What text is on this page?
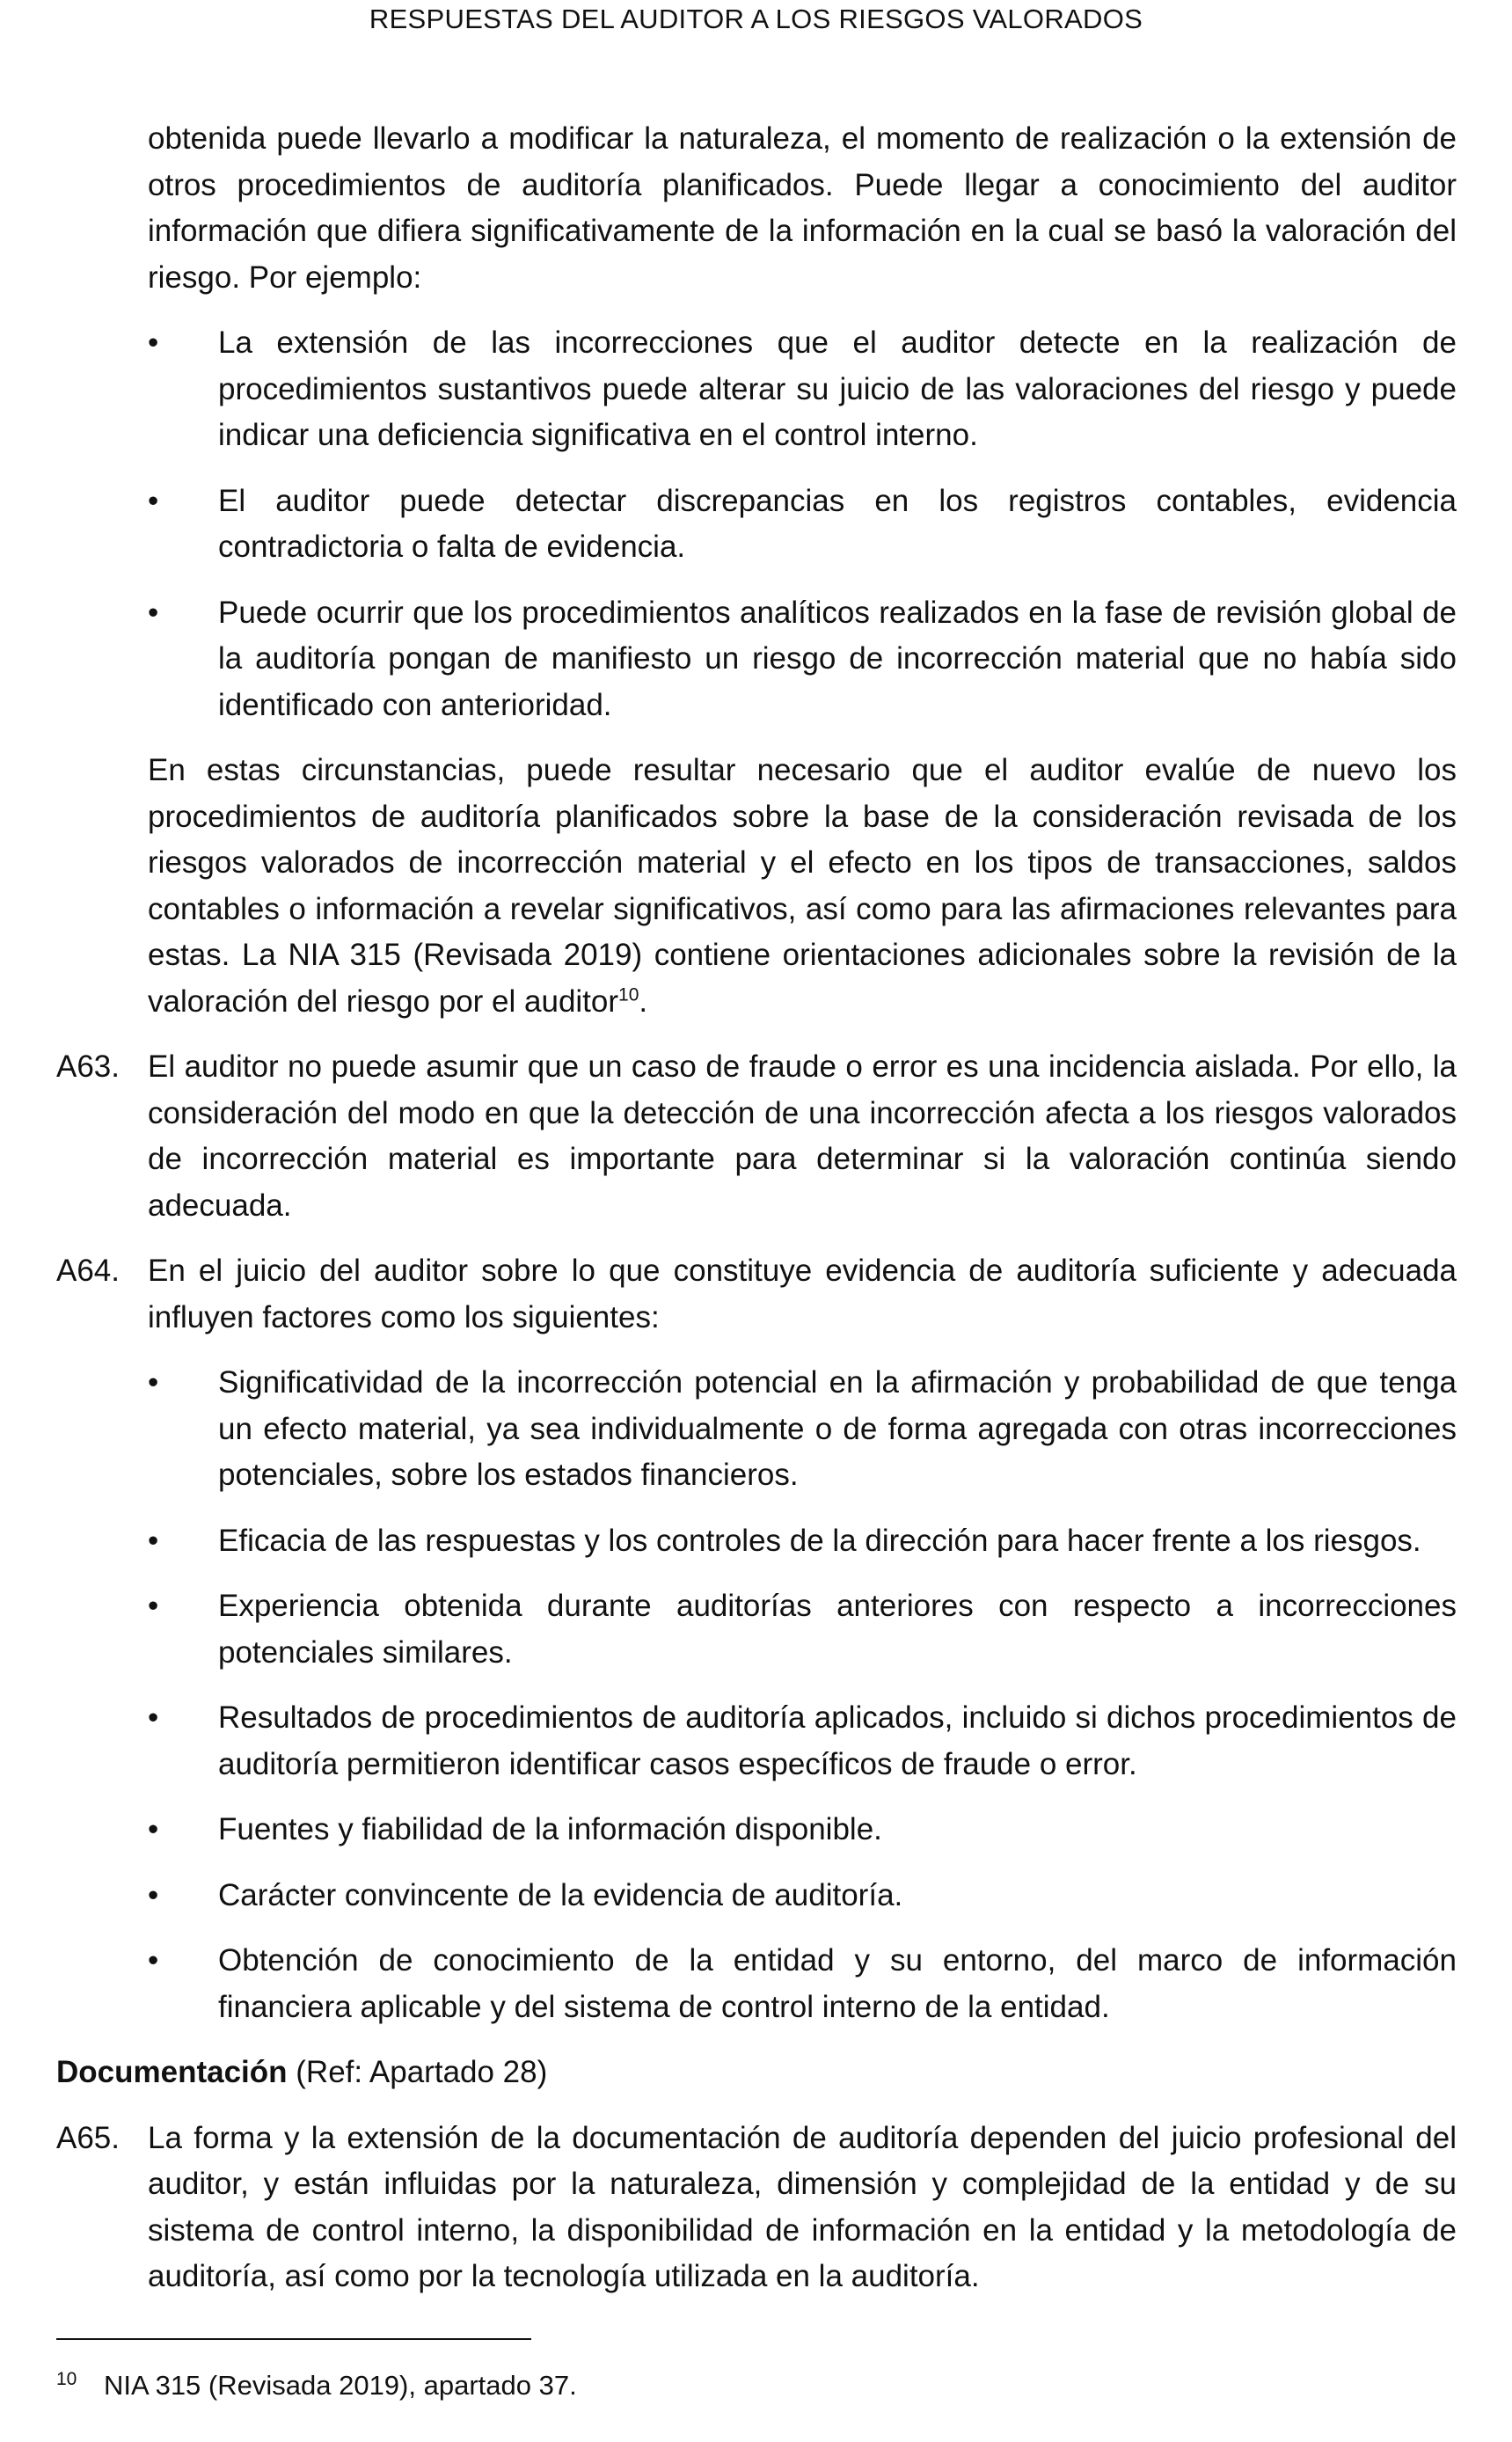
RESPUESTAS DEL AUDITOR A LOS RIESGOS VALORADOS
obtenida puede llevarlo a modificar la naturaleza, el momento de realización o la extensión de otros procedimientos de auditoría planificados. Puede llegar a conocimiento del auditor información que difiera significativamente de la información en la cual se basó la valoración del riesgo. Por ejemplo:
•	La extensión de las incorrecciones que el auditor detecte en la realización de procedimientos sustantivos puede alterar su juicio de las valoraciones del riesgo y puede indicar una deficiencia significativa en el control interno.
•	El auditor puede detectar discrepancias en los registros contables, evidencia contradictoria o falta de evidencia.
•	Puede ocurrir que los procedimientos analíticos realizados en la fase de revisión global de la auditoría pongan de manifiesto un riesgo de incorrección material que no había sido identificado con anterioridad.
En estas circunstancias, puede resultar necesario que el auditor evalúe de nuevo los procedimientos de auditoría planificados sobre la base de la consideración revisada de los riesgos valorados de incorrección material y el efecto en los tipos de transacciones, saldos contables o información a revelar significativos, así como para las afirmaciones relevantes para estas. La NIA 315 (Revisada 2019) contiene orientaciones adicionales sobre la revisión de la valoración del riesgo por el auditor$^{10}$.
A63. El auditor no puede asumir que un caso de fraude o error es una incidencia aislada. Por ello, la consideración del modo en que la detección de una incorrección afecta a los riesgos valorados de incorrección material es importante para determinar si la valoración continúa siendo adecuada.
A64. En el juicio del auditor sobre lo que constituye evidencia de auditoría suficiente y adecuada influyen factores como los siguientes:
•	Significatividad de la incorrección potencial en la afirmación y probabilidad de que tenga un efecto material, ya sea individualmente o de forma agregada con otras incorrecciones potenciales, sobre los estados financieros.
•	Eficacia de las respuestas y los controles de la dirección para hacer frente a los riesgos.
•	Experiencia obtenida durante auditorías anteriores con respecto a incorrecciones potenciales similares.
•	Resultados de procedimientos de auditoría aplicados, incluido si dichos procedimientos de auditoría permitieron identificar casos específicos de fraude o error.
•	Fuentes y fiabilidad de la información disponible.
•	Carácter convincente de la evidencia de auditoría.
•	Obtención de conocimiento de la entidad y su entorno, del marco de información financiera aplicable y del sistema de control interno de la entidad.
Documentación (Ref: Apartado 28)
A65. La forma y la extensión de la documentación de auditoría dependen del juicio profesional del auditor, y están influidas por la naturaleza, dimensión y complejidad de la entidad y de su sistema de control interno, la disponibilidad de información en la entidad y la metodología de auditoría, así como por la tecnología utilizada en la auditoría.
10 NIA 315 (Revisada 2019), apartado 37.
